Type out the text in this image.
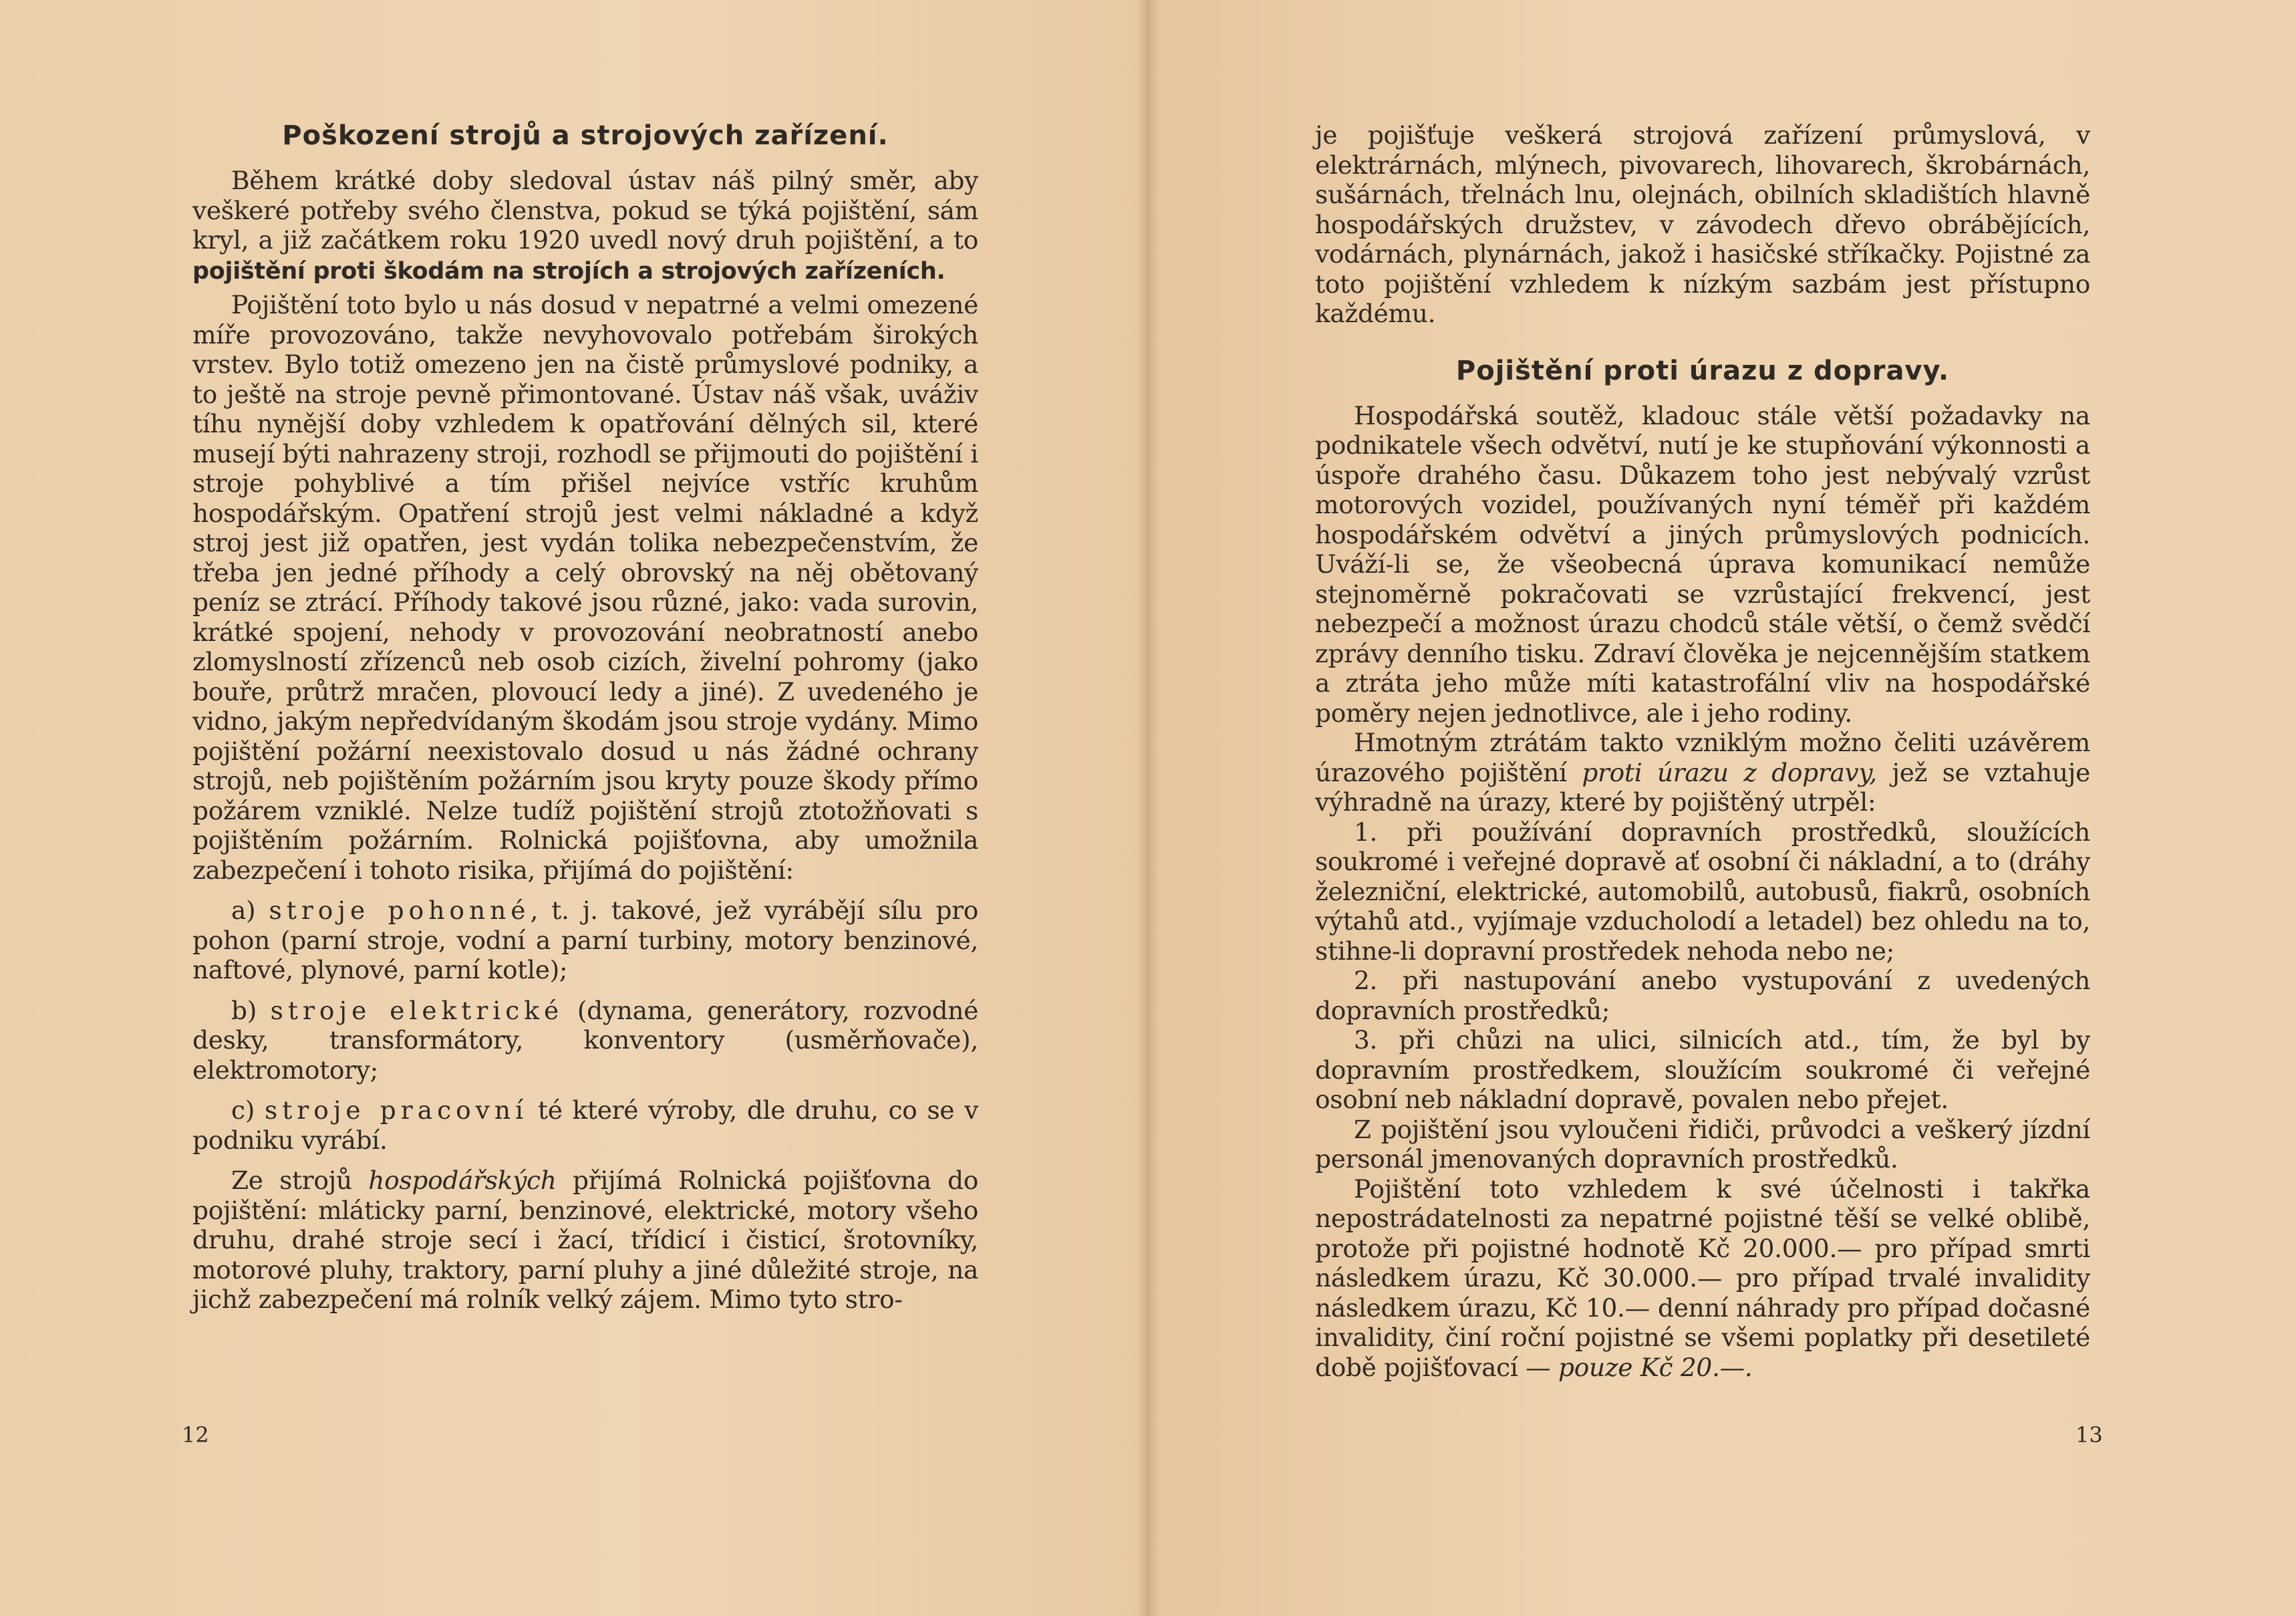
Poškození strojů a strojových zařízení.

Během krátké doby sledoval ústav náš pilný směr, aby veškeré potřeby svého členstva, pokud se týká pojištění, sám kryl, a již začátkem roku 1920 uvedl nový druh pojištění, a to pojištění proti škodám na strojích a strojových zařízeních.

Pojištění toto bylo u nás dosud v nepatrné a velmi omezené míře provozováno, takže nevyhovovalo potřebám širokých vrstev. Bylo totiž omezeno jen na čistě průmyslové podniky, a to ještě na stroje pevně přimontované. Ústav náš však, uváživ tíhu nynější doby vzhledem k opatřování dělných sil, které musejí býti nahrazeny stroji, rozhodl se přijmouti do pojištění i stroje pohyblivé a tím přišel nejvíce vstříc kruhům hospodářským. Opatření strojů jest velmi nákladné a když stroj jest již opatřen, jest vydán tolika nebezpečenstvím, že třeba jen jedné příhody a celý obrovský na něj obětovaný peníz se ztrácí. Příhody takové jsou různé, jako: vada surovin, krátké spojení, nehody v provozování neobratností anebo zlomyslností zřízenců neb osob cizích, živelní pohromy (jako bouře, průtrž mračen, plovoucí ledy a jiné). Z uvedeného je vidno, jakým nepředvídaným škodám jsou stroje vydány. Mimo pojištění požární neexistovalo dosud u nás žádné ochrany strojů, neb pojištěním požárním jsou kryty pouze škody přímo požárem vzniklé. Nelze tudíž pojištění strojů ztotožňovati s pojištěním požárním. Rolnická pojišťovna, aby umožnila zabezpečení i tohoto risika, přijímá do pojištění:

a) stroje pohonné, t. j. takové, jež vyrábějí sílu pro pohon (parní stroje, vodní a parní turbiny, motory benzinové, naftové, plynové, parní kotle);

b) stroje elektrické (dynama, generátory, rozvodné desky, transformátory, konventory (usměrňovače), elektromotory;

c) stroje pracovní té které výroby, dle druhu, co se v podniku vyrábí.

Ze strojů hospodářských přijímá Rolnická pojišťovna do pojištění: mláticky parní, benzinové, elektrické, motory všeho druhu, drahé stroje secí i žací, třídicí i čisticí, šrotovníky, motorové pluhy, traktory, parní pluhy a jiné důležité stroje, na jichž zabezpečení má rolník velký zájem. Mimo tyto stro-

12

je pojišťuje veškerá strojová zařízení průmyslová, v elektrárnách, mlýnech, pivovarech, lihovarech, škrobárnách, sušárnách, třelnách lnu, olejnách, obilních skladištích hlavně hospodářských družstev, v závodech dřevo obrábějících, vodárnách, plynárnách, jakož i hasičské stříkačky. Pojistné za toto pojištění vzhledem k nízkým sazbám jest přístupno každému.

Pojištění proti úrazu z dopravy.

Hospodářská soutěž, kladouc stále větší požadavky na podnikatele všech odvětví, nutí je ke stupňování výkonnosti a úspoře drahého času. Důkazem toho jest nebývalý vzrůst motorových vozidel, používaných nyní téměř při každém hospodářském odvětví a jiných průmyslových podnicích. Uváží-li se, že všeobecná úprava komunikací nemůže stejnoměrně pokračovati se vzrůstající frekvencí, jest nebezpečí a možnost úrazu chodců stále větší, o čemž svědčí zprávy denního tisku. Zdraví člověka je nejcennějším statkem a ztráta jeho může míti katastrofální vliv na hospodářské poměry nejen jednotlivce, ale i jeho rodiny.

Hmotným ztrátám takto vzniklým možno čeliti uzávěrem úrazového pojištění proti úrazu z dopravy, jež se vztahuje výhradně na úrazy, které by pojištěný utrpěl:

1. při používání dopravních prostředků, sloužících soukromé i veřejné dopravě ať osobní či nákladní, a to (dráhy železniční, elektrické, automobilů, autobusů, fiakrů, osobních výtahů atd., vyjímaje vzducholodí a letadel) bez ohledu na to, stihne-li dopravní prostředek nehoda nebo ne;

2. při nastupování anebo vystupování z uvedených dopravních prostředků;

3. při chůzi na ulici, silnicích atd., tím, že byl by dopravním prostředkem, sloužícím soukromé či veřejné osobní neb nákladní dopravě, povalen nebo přejet.

Z pojištění jsou vyloučeni řidiči, průvodci a veškerý jízdní personál jmenovaných dopravních prostředků.

Pojištění toto vzhledem k své účelnosti i takřka nepostrádatelnosti za nepatrné pojistné těší se velké oblibě, protože při pojistné hodnotě Kč 20.000.— pro případ smrti následkem úrazu, Kč 30.000.— pro případ trvalé invalidity následkem úrazu, Kč 10.— denní náhrady pro případ dočasné invalidity, činí roční pojistné se všemi poplatky při desetileté době pojišťovací — pouze Kč 20.—.

13
